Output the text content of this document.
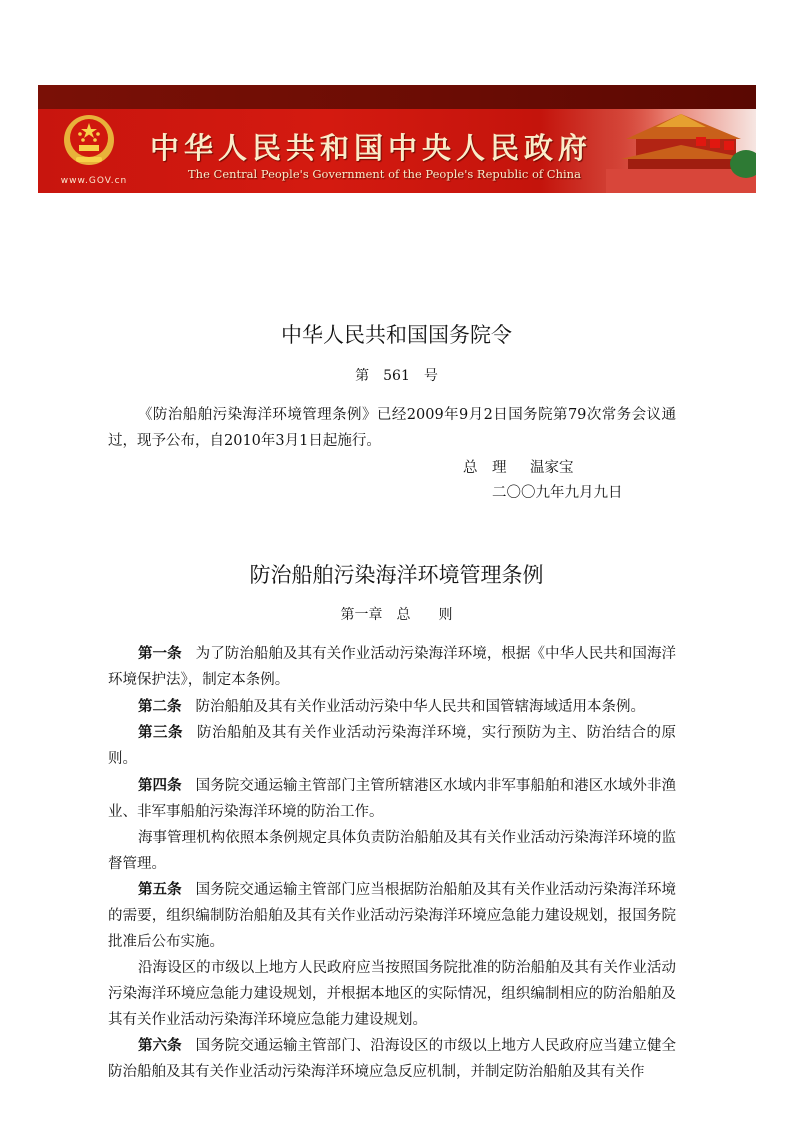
www.GOV.cn
中华人民共和国中央人民政府
The Central People's Government of the People's Republic of China
中华人民共和国国务院令
第　561　号
《防治船舶污染海洋环境管理条例》已经2009年9月2日国务院第79次常务会议通过，现予公布，自2010年3月1日起施行。
总　理 温家宝
二〇〇九年九月九日
防治船舶污染海洋环境管理条例
第一章　总　　则
第一条 为了防治船舶及其有关作业活动污染海洋环境，根据《中华人民共和国海洋环境保护法》，制定本条例。
第二条 防治船舶及其有关作业活动污染中华人民共和国管辖海域适用本条例。
第三条 防治船舶及其有关作业活动污染海洋环境，实行预防为主、防治结合的原则。
第四条 国务院交通运输主管部门主管所辖港区水域内非军事船舶和港区水域外非渔业、非军事船舶污染海洋环境的防治工作。
海事管理机构依照本条例规定具体负责防治船舶及其有关作业活动污染海洋环境的监督管理。
第五条 国务院交通运输主管部门应当根据防治船舶及其有关作业活动污染海洋环境的需要，组织编制防治船舶及其有关作业活动污染海洋环境应急能力建设规划，报国务院批准后公布实施。
沿海设区的市级以上地方人民政府应当按照国务院批准的防治船舶及其有关作业活动污染海洋环境应急能力建设规划，并根据本地区的实际情况，组织编制相应的防治船舶及其有关作业活动污染海洋环境应急能力建设规划。
第六条 国务院交通运输主管部门、沿海设区的市级以上地方人民政府应当建立健全防治船舶及其有关作业活动污染海洋环境应急反应机制，并制定防治船舶及其有关作
